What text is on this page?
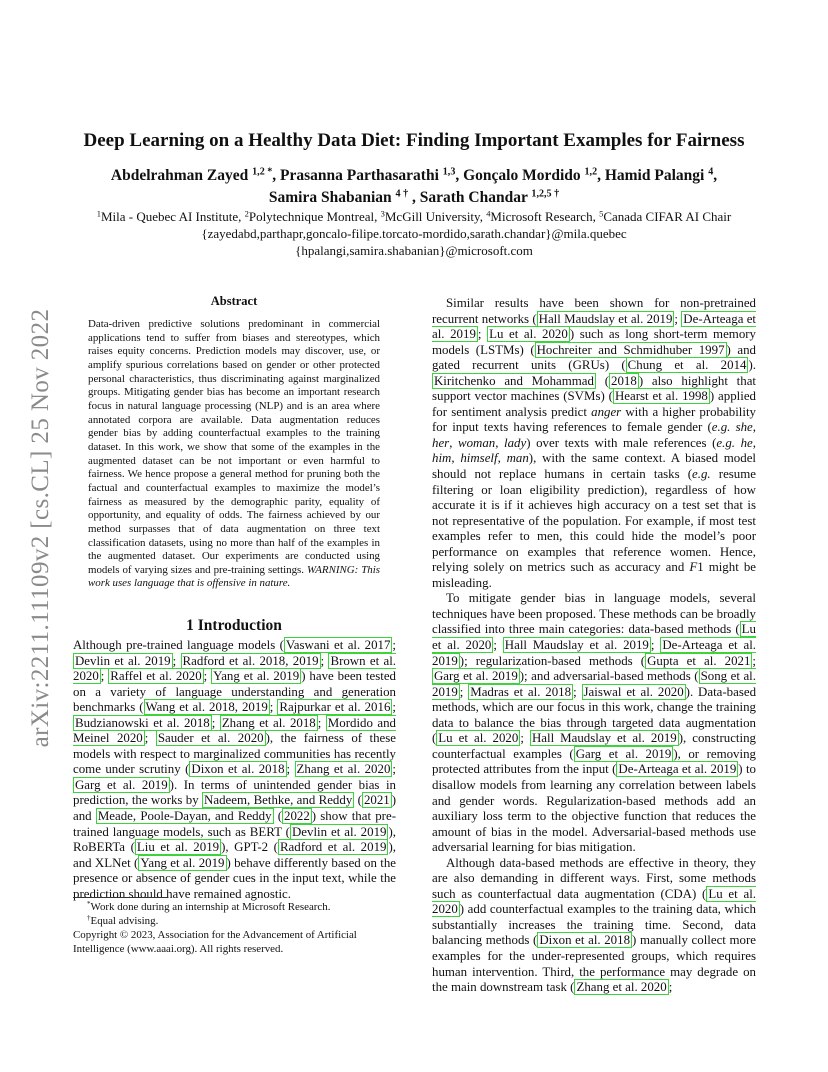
arXiv:2211.11109v2 [cs.CL] 25 Nov 2022
Deep Learning on a Healthy Data Diet: Finding Important Examples for Fairness
Abdelrahman Zayed $^{1,2 *}$, Prasanna Parthasarathi $^{1,3}$, Gonçalo Mordido $^{1,2}$, Hamid Palangi $^4$,
Samira Shabanian $^{4 \dagger}$ , Sarath Chandar $^{1,2,5 \dagger}$
$^1$Mila - Quebec AI Institute, $^2$Polytechnique Montreal, $^3$McGill University, $^4$Microsoft Research, $^5$Canada CIFAR AI Chair
{zayedabd,parthapr,goncalo-filipe.torcato-mordido,sarath.chandar}@mila.quebec
{hpalangi,samira.shabanian}@microsoft.com
Abstract
Data-driven predictive solutions predominant in commercial applications tend to suffer from biases and stereotypes, which raises equity concerns. Prediction models may discover, use, or amplify spurious correlations based on gender or other protected personal characteristics, thus discriminating against marginalized groups. Mitigating gender bias has become an important research focus in natural language processing (NLP) and is an area where annotated corpora are available. Data augmentation reduces gender bias by adding counterfactual examples to the training dataset. In this work, we show that some of the examples in the augmented dataset can be not important or even harmful to fairness. We hence propose a general method for pruning both the factual and counterfactual examples to maximize the model’s fairness as measured by the demographic parity, equality of opportunity, and equality of odds. The fairness achieved by our method surpasses that of data augmentation on three text classification datasets, using no more than half of the examples in the augmented dataset. Our experiments are conducted using models of varying sizes and pre-training settings. WARNING: This work uses language that is offensive in nature.
1 Introduction

Although pre-trained language models ( Vaswani et al. 2017 ; Devlin et al. 2019 ; Radford et al. 2018, 2019 ; Brown et al. 2020 ; Raffel et al. 2020 ; Yang et al. 2019 ) have been tested on a variety of language understanding and generation benchmarks ( Wang et al. 2018, 2019 ; Rajpurkar et al. 2016 ; Budzianowski et al. 2018 ; Zhang et al. 2018 ; Mordido and Meinel 2020 ; Sauder et al. 2020 ), the fairness of these models with respect to marginalized communities has recently come under scrutiny ( Dixon et al. 2018 ; Zhang et al. 2020 ; Garg et al. 2019 ). In terms of unintended gender bias in prediction, the works by Nadeem, Bethke, and Reddy ( 2021 ) and Meade, Poole-Dayan, and Reddy ( 2022 ) show that pre-trained language models, such as BERT ( Devlin et al. 2019 ), RoBERTa ( Liu et al. 2019 ), GPT-2 ( Radford et al. 2019 ), and XLNet ( Yang et al. 2019 ) behave differently based on the presence or absence of gender cues in the input text, while the prediction should have remained agnostic.

*Work done during an internship at Microsoft Research.
†Equal advising.
Copyright © 2023, Association for the Advancement of Artificial Intelligence (www.aaai.org). All rights reserved.

Similar results have been shown for non-pretrained recurrent networks ( Hall Maudslay et al. 2019 ; De-Arteaga et al. 2019 ; Lu et al. 2020 ) such as long short-term memory models (LSTMs) ( Hochreiter and Schmidhuber 1997 ) and gated recurrent units (GRUs) ( Chung et al. 2014 ). Kiritchenko and Mohammad ( 2018 ) also highlight that support vector machines (SVMs) ( Hearst et al. 1998 ) applied for sentiment analysis predict anger with a higher probability for input texts having references to female gender (e.g. she, her, woman, lady) over texts with male references (e.g. he, him, himself, man), with the same context. A biased model should not replace humans in certain tasks (e.g. resume filtering or loan eligibility prediction), regardless of how accurate it is if it achieves high accuracy on a test set that is not representative of the population. For example, if most test examples refer to men, this could hide the model’s poor performance on examples that reference women. Hence, relying solely on metrics such as accuracy and F1 might be misleading.

To mitigate gender bias in language models, several techniques have been proposed. These methods can be broadly classified into three main categories: data-based methods ( Lu et al. 2020 ; Hall Maudslay et al. 2019 ; De-Arteaga et al. 2019 ); regularization-based methods ( Gupta et al. 2021 ; Garg et al. 2019 ); and adversarial-based methods ( Song et al. 2019 ; Madras et al. 2018 ; Jaiswal et al. 2020 ). Data-based methods, which are our focus in this work, change the training data to balance the bias through targeted data augmentation ( Lu et al. 2020 ; Hall Maudslay et al. 2019 ), constructing counterfactual examples ( Garg et al. 2019 ), or removing protected attributes from the input ( De-Arteaga et al. 2019 ) to disallow models from learning any correlation between labels and gender words. Regularization-based methods add an auxiliary loss term to the objective function that reduces the amount of bias in the model. Adversarial-based methods use adversarial learning for bias mitigation.

Although data-based methods are effective in theory, they are also demanding in different ways. First, some methods such as counterfactual data augmentation (CDA) ( Lu et al. 2020 ) add counterfactual examples to the training data, which substantially increases the training time. Second, data balancing methods ( Dixon et al. 2018 ) manually collect more examples for the under-represented groups, which requires human intervention. Third, the performance may degrade on the main downstream task ( Zhang et al. 2020 ;
